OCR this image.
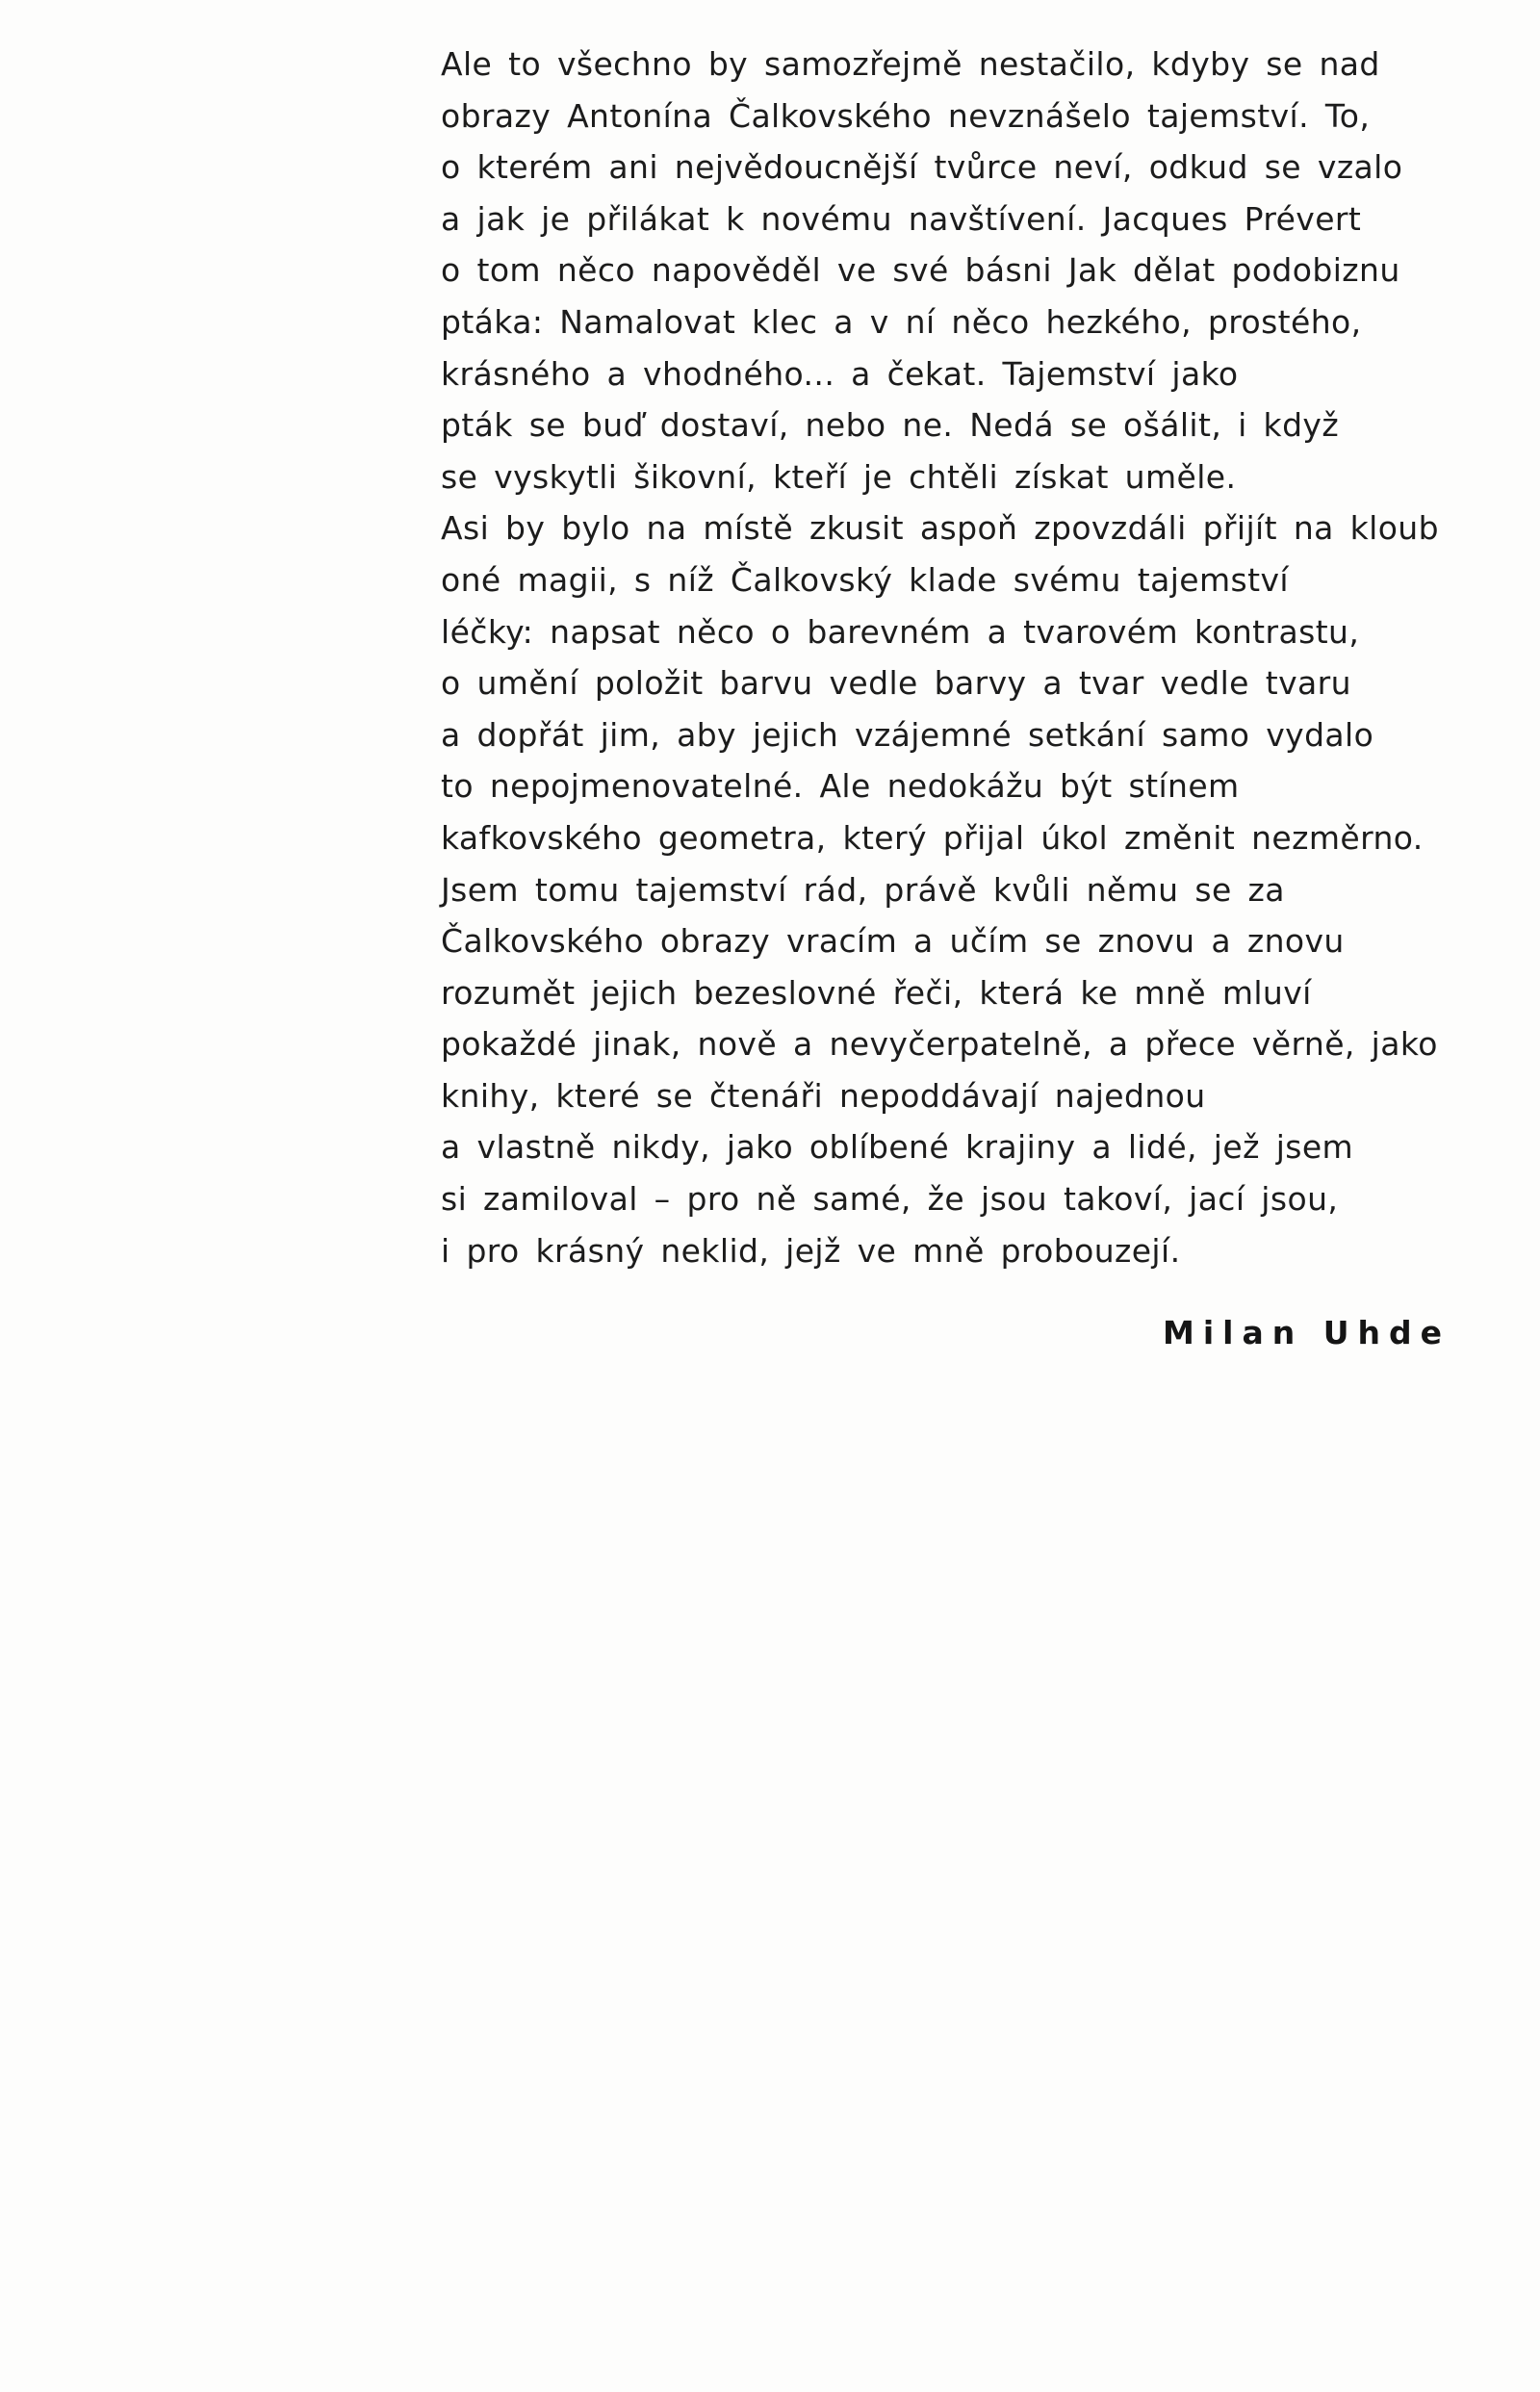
Ale to všechno by samozřejmě nestačilo, kdyby se nad
obrazy Antonína Čalkovského nevznášelo tajemství. To,
o kterém ani nejvědoucnější tvůrce neví, odkud se vzalo
a jak je přilákat k novému navštívení. Jacques Prévert
o tom něco napověděl ve své básni Jak dělat podobiznu
ptáka: Namalovat klec a v ní něco hezkého, prostého,
krásného a vhodného... a čekat. Tajemství jako
pták se buď dostaví, nebo ne. Nedá se ošálit, i když
se vyskytli šikovní, kteří je chtěli získat uměle.
Asi by bylo na místě zkusit aspoň zpovzdáli přijít na kloub
oné magii, s níž Čalkovský klade svému tajemství
léčky: napsat něco o barevném a tvarovém kontrastu,
o umění položit barvu vedle barvy a tvar vedle tvaru
a dopřát jim, aby jejich vzájemné setkání samo vydalo
to nepojmenovatelné. Ale nedokážu být stínem
kafkovského geometra, který přijal úkol změnit nezměrno.
Jsem tomu tajemství rád, právě kvůli němu se za
Čalkovského obrazy vracím a učím se znovu a znovu
rozumět jejich bezeslovné řeči, která ke mně mluví
pokaždé jinak, nově a nevyčerpatelně, a přece věrně, jako
knihy, které se čtenáři nepoddávají najednou
a vlastně nikdy, jako oblíbené krajiny a lidé, jež jsem
si zamiloval – pro ně samé, že jsou takoví, jací jsou,
i pro krásný neklid, jejž ve mně probouzejí.
Milan Uhde
